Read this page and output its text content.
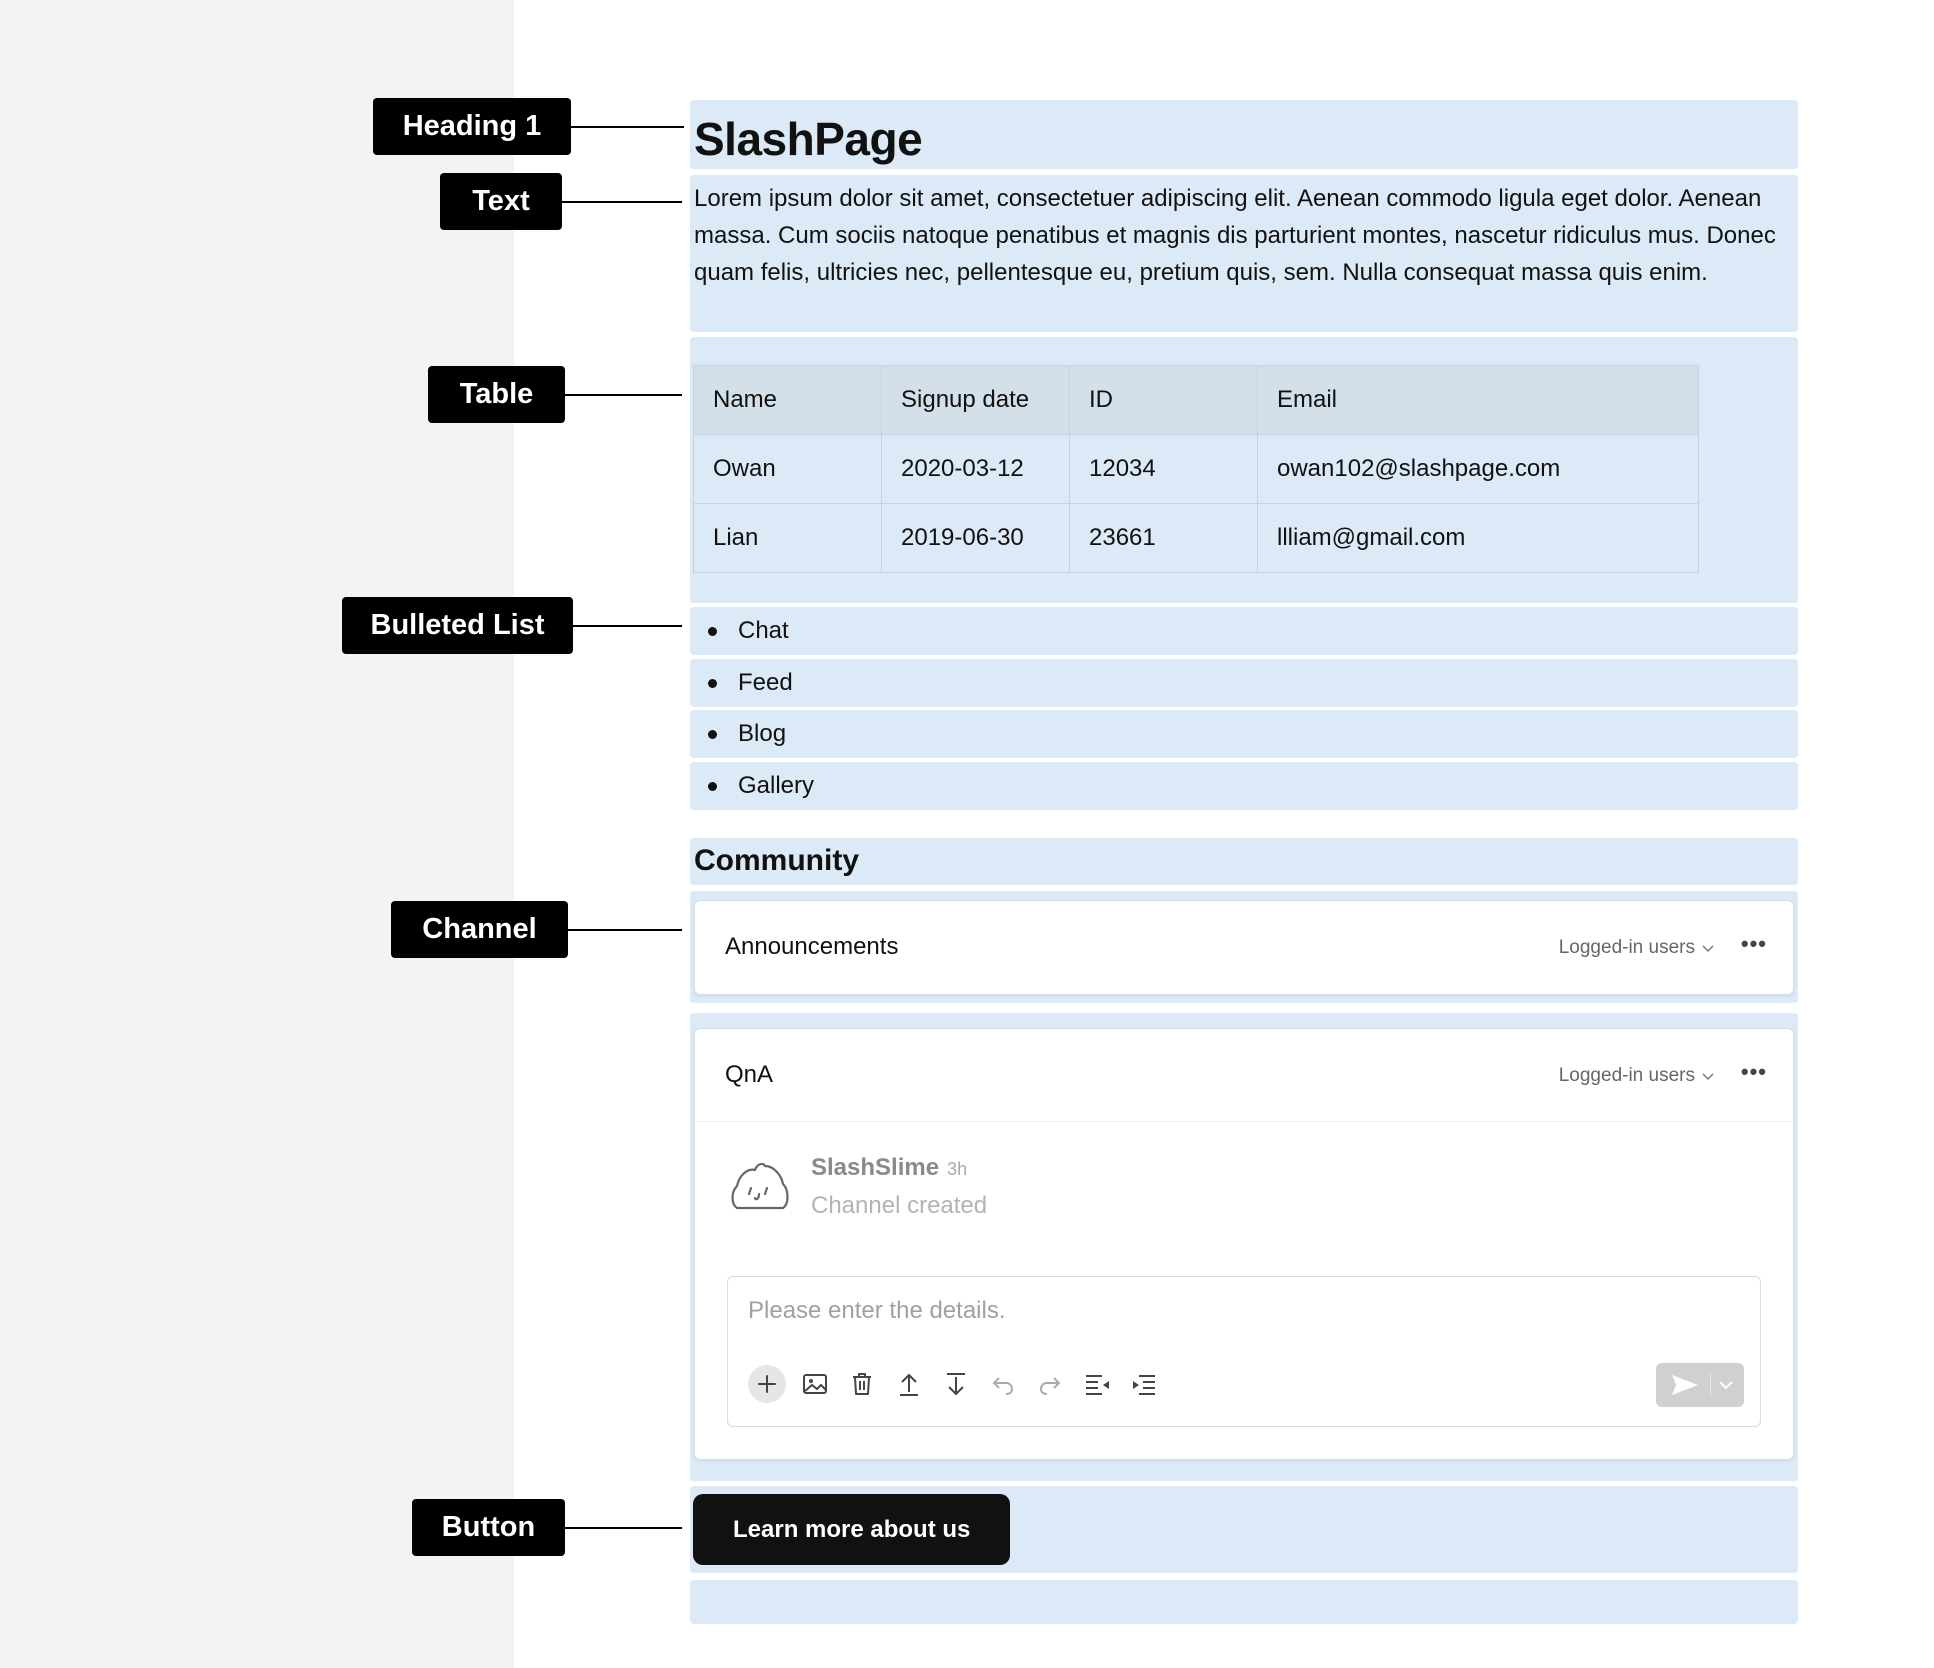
Heading 1
Text
Table
Bulleted List
Channel
Button
SlashPage
Lorem ipsum dolor sit amet, consectetuer adipiscing elit. Aenean commodo ligula eget dolor. Aenean massa. Cum sociis natoque penatibus et magnis dis parturient montes, nascetur ridiculus mus. Donec quam felis, ultricies nec, pellentesque eu, pretium quis, sem. Nulla consequat massa quis enim.
Name	Signup date	ID	Email
Owan	2020-03-12	12034	owan102@slashpage.com
Lian	2019-06-30	23661	llliam@gmail.com
Chat
Feed
Blog
Gallery
Community
Announcements	Logged-in users •••
QnA	Logged-in users •••
SlashSlime 3h
Channel created
Please enter the details.
Learn more about us
